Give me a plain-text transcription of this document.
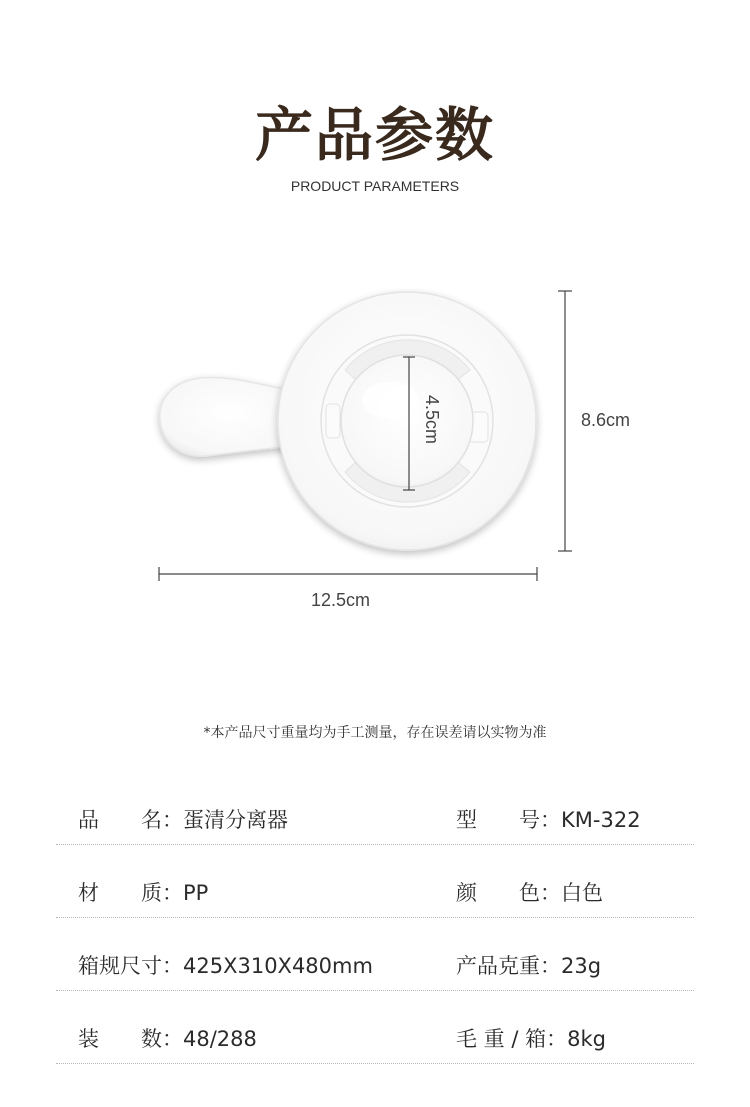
产品参数
PRODUCT PARAMETERS
8.6cm
12.5cm
4.5cm
*本产品尺寸重量均为手工测量，存在误差请以实物为准
品　　名：蛋清分离器	型　　号：KM-322
材　　质：PP	颜　　色：白色
箱规尺寸：425X310X480mm	产品克重：23g
装　　数：48/288	毛 重 / 箱：8kg
